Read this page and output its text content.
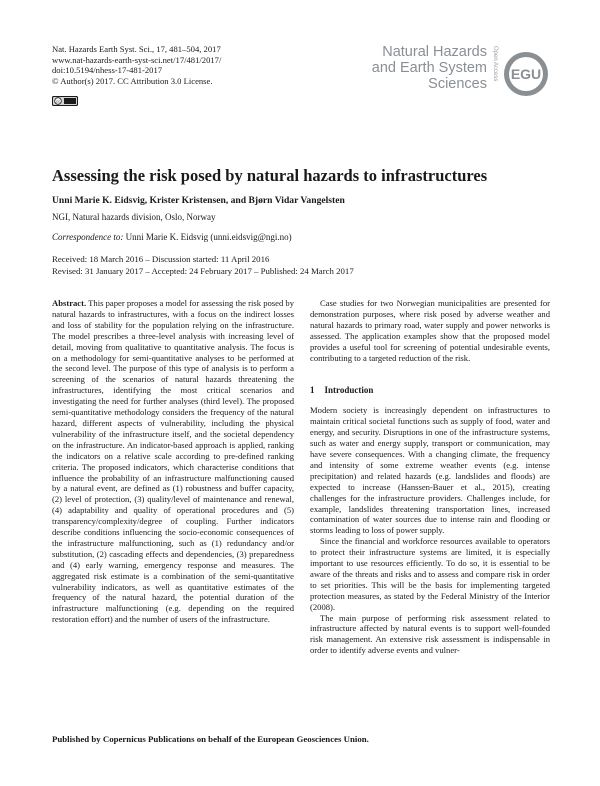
Nat. Hazards Earth Syst. Sci., 17, 481–504, 2017
www.nat-hazards-earth-syst-sci.net/17/481/2017/
doi:10.5194/nhess-17-481-2017
© Author(s) 2017. CC Attribution 3.0 License.
cc
Natural Hazards
and Earth System
Sciences
Open Access EGU
Assessing the risk posed by natural hazards to infrastructures
Unni Marie K. Eidsvig, Krister Kristensen, and Bjørn Vidar Vangelsten
NGI, Natural hazards division, Oslo, Norway
Correspondence to: Unni Marie K. Eidsvig (unni.eidsvig@ngi.no)
Received: 18 March 2016 – Discussion started: 11 April 2016
Revised: 31 January 2017 – Accepted: 24 February 2017 – Published: 24 March 2017

Abstract. This paper proposes a model for assessing the risk posed by natural hazards to infrastructures, with a focus on the indirect losses and loss of stability for the population relying on the infrastructure. The model prescribes a three-level analysis with increasing level of detail, moving from qualitative to quantitative analysis. The focus is on a methodology for semi-quantitative analyses to be performed at the second level. The purpose of this type of analysis is to perform a screening of the scenarios of natural hazards threatening the infrastructures, identifying the most critical scenarios and investigating the need for further analyses (third level). The proposed semi-quantitative methodology considers the frequency of the natural hazard, different aspects of vulnerability, including the physical vulnerability of the infrastructure itself, and the societal dependency on the infrastructure. An indicator-based approach is applied, ranking the indicators on a relative scale according to pre-defined ranking criteria. The proposed indicators, which characterise conditions that influence the probability of an infrastructure malfunctioning caused by a natural event, are defined as (1) robustness and buffer capacity, (2) level of protection, (3) quality/level of maintenance and renewal, (4) adaptability and quality of operational procedures and (5) transparency/complexity/degree of coupling. Further indicators describe conditions influencing the socio-economic consequences of the infrastructure malfunctioning, such as (1) redundancy and/or substitution, (2) cascading effects and dependencies, (3) preparedness and (4) early warning, emergency response and measures. The aggregated risk estimate is a combination of the semi-quantitative vulnerability indicators, as well as quantitative estimates of the frequency of the natural hazard, the potential duration of the infrastructure malfunctioning (e.g. depending on the required restoration effort) and the number of users of the infrastructure.

Case studies for two Norwegian municipalities are presented for demonstration purposes, where risk posed by adverse weather and natural hazards to primary road, water supply and power networks is assessed. The application examples show that the proposed model provides a useful tool for screening of potential undesirable events, contributing to a targeted reduction of the risk.

1 Introduction

Modern society is increasingly dependent on infrastructures to maintain critical societal functions such as supply of food, water and energy, and security. Disruptions in one of the infrastructure systems, such as water and energy supply, transport or communication, may have severe consequences. With a changing climate, the frequency and intensity of some extreme weather events (e.g. intense precipitation) and related hazards (e.g. landslides and floods) are expected to increase (Hanssen-Bauer et al., 2015), creating challenges for the infrastructure providers. Challenges include, for example, landslides threatening transportation lines, increased contamination of water sources due to intense rain and flooding or storms leading to loss of power supply.

Since the financial and workforce resources available to operators to protect their infrastructure systems are limited, it is especially important to use resources efficiently. To do so, it is essential to be aware of the threats and risks and to assess and compare risk in order to set priorities. This will be the basis for implementing targeted protection measures, as stated by the Federal Ministry of the Interior (2008).

The main purpose of performing risk assessment related to infrastructure affected by natural events is to support well-founded risk management. An extensive risk assessment is indispensable in order to identify adverse events and vulner-

Published by Copernicus Publications on behalf of the European Geosciences Union.
